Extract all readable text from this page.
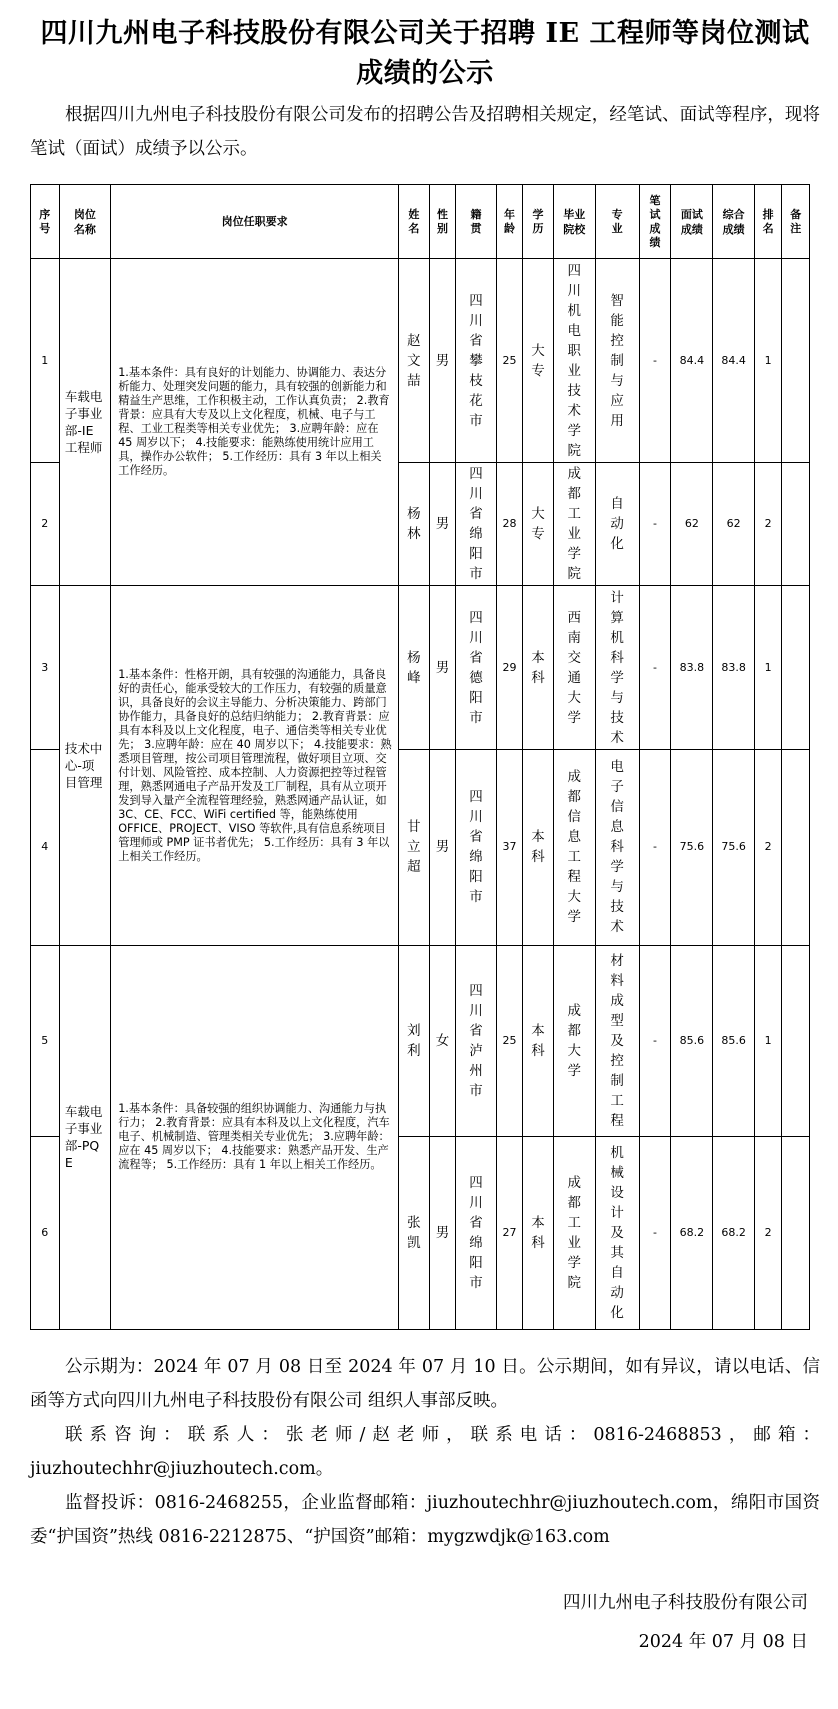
四川九州电子科技股份有限公司关于招聘 IE 工程师等岗位测试成绩的公示

根据四川九州电子科技股份有限公司发布的招聘公告及招聘相关规定，经笔试、面试等程序，现将笔试（面试）成绩予以公示。

序号	岗位名称	岗位任职要求	姓名	性别	籍贯	年龄	学历	毕业院校	专业	笔试成绩	面试成绩	综合成绩	排名	备注
1	车载电子事业部-IE工程师	1.基本条件：具有良好的计划能力、协调能力、表达分析能力、处理突发问题的能力，具有较强的创新能力和精益生产思维，工作积极主动，工作认真负责； 2.教育背景：应具有大专及以上文化程度，机械、电子与工程、工业工程类等相关专业优先； 3.应聘年龄：应在 45 周岁以下； 4.技能要求：能熟练使用统计应用工具，操作办公软件； 5.工作经历：具有 3 年以上相关工作经历。	赵文喆	男	四川省攀枝花市	25	大专	四川机电职业技术学院	智能控制与应用	-	84.4	84.4	1	
2			杨林	男	四川省绵阳市	28	大专	成都工业学院	自动化	-	62	62	2	
3	技术中心-项目管理	1.基本条件：性格开朗，具有较强的沟通能力，具备良好的责任心，能承受较大的工作压力，有较强的质量意识，具备良好的会议主导能力、分析决策能力、跨部门协作能力，具备良好的总结归纳能力； 2.教育背景：应具有本科及以上文化程度，电子、通信类等相关专业优先； 3.应聘年龄：应在 40 周岁以下； 4.技能要求：熟悉项目管理，按公司项目管理流程，做好项目立项、交付计划、风险管控、成本控制、人力资源把控等过程管理，熟悉网通电子产品开发及工厂制程，具有从立项开发到导入量产全流程管理经验，熟悉网通产品认证，如 3C、CE、FCC、WiFi certified 等，能熟练使用 OFFICE、PROJECT、VISO 等软件,具有信息系统项目管理师或 PMP 证书者优先； 5.工作经历：具有 3 年以上相关工作经历。	杨峰	男	四川省德阳市	29	本科	西南交通大学	计算机科学与技术	-	83.8	83.8	1	
4			甘立超	男	四川省绵阳市	37	本科	成都信息工程大学	电子信息科学与技术	-	75.6	75.6	2	
5	车载电子事业部-PQE	1.基本条件：具备较强的组织协调能力、沟通能力与执行力； 2.教育背景：应具有本科及以上文化程度，汽车电子、机械制造、管理类相关专业优先； 3.应聘年龄：应在 45 周岁以下； 4.技能要求：熟悉产品开发、生产流程等； 5.工作经历：具有 1 年以上相关工作经历。	刘利	女	四川省泸州市	25	本科	成都大学	材料成型及控制工程	-	85.6	85.6	1	
6			张凯	男	四川省绵阳市	27	本科	成都工业学院	机械设计及其自动化	-	68.2	68.2	2	

公示期为：2024 年 07 月 08 日至 2024 年 07 月 10 日。公示期间，如有异议，请以电话、信函等方式向四川九州电子科技股份有限公司 组织人事部反映。

联系咨询：联系人：张老师/赵老师，联系电话：0816-2468853，邮箱：jiuzhoutechhr@jiuzhoutech.com。

监督投诉：0816-2468255，企业监督邮箱：jiuzhoutechhr@jiuzhoutech.com，绵阳市国资委“护国资”热线 0816-2212875、“护国资”邮箱：mygzwdjk@163.com

四川九州电子科技股份有限公司

2024 年 07 月 08 日
